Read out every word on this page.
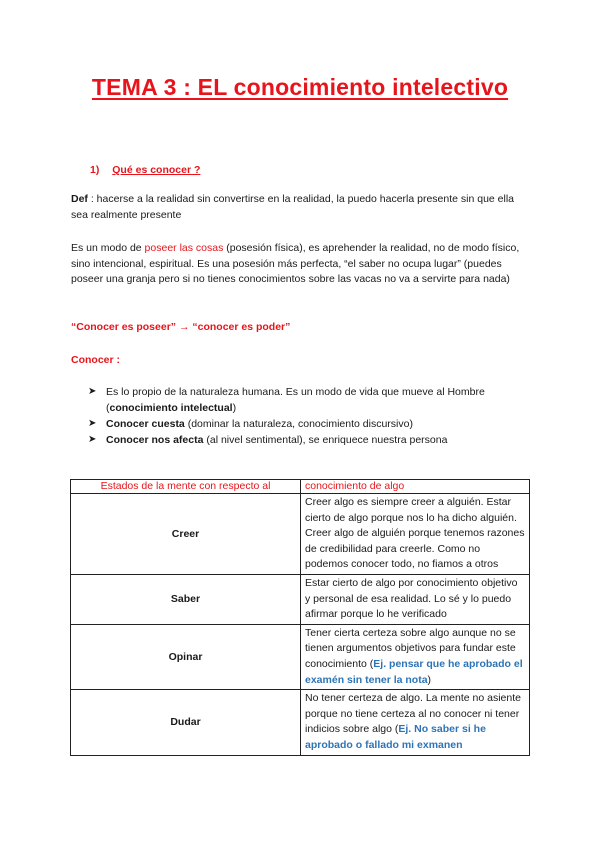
TEMA 3 : EL conocimiento intelectivo
1) Qué es conocer ?
Def : hacerse a la realidad sin convertirse en la realidad, la puedo hacerla presente sin que ella sea realmente presente
Es un modo de poseer las cosas (posesión física), es aprehender la realidad, no de modo físico, sino intencional, espiritual. Es una posesión más perfecta, “el saber no ocupa lugar” (puedes poseer una granja pero si no tienes conocimientos sobre las vacas no va a servirte para nada)
“Conocer es poseer” → “conocer es poder”
Conocer :
➤ Es lo propio de la naturaleza humana. Es un modo de vida que mueve al Hombre (conocimiento intelectual)
➤ Conocer cuesta (dominar la naturaleza, conocimiento discursivo)
➤ Conocer nos afecta (al nivel sentimental), se enriquece nuestra persona
Estados de la mente con respecto al	conocimiento de algo
Creer	Creer algo es siempre creer a alguién. Estar cierto de algo porque nos lo ha dicho alguién. Creer algo de alguién porque tenemos razones de credibilidad para creerle. Como no podemos conocer todo, no fiamos a otros
Saber	Estar cierto de algo por conocimiento objetivo y personal de esa realidad. Lo sé y lo puedo afirmar porque lo he verificado
Opinar	Tener cierta certeza sobre algo aunque no se tienen argumentos objetivos para fundar este conocimiento (Ej. pensar que he aprobado el examén sin tener la nota)
Dudar	No tener certeza de algo. La mente no asiente porque no tiene certeza al no conocer ni tener indicios sobre algo (Ej. No saber si he aprobado o fallado mi exmanen
